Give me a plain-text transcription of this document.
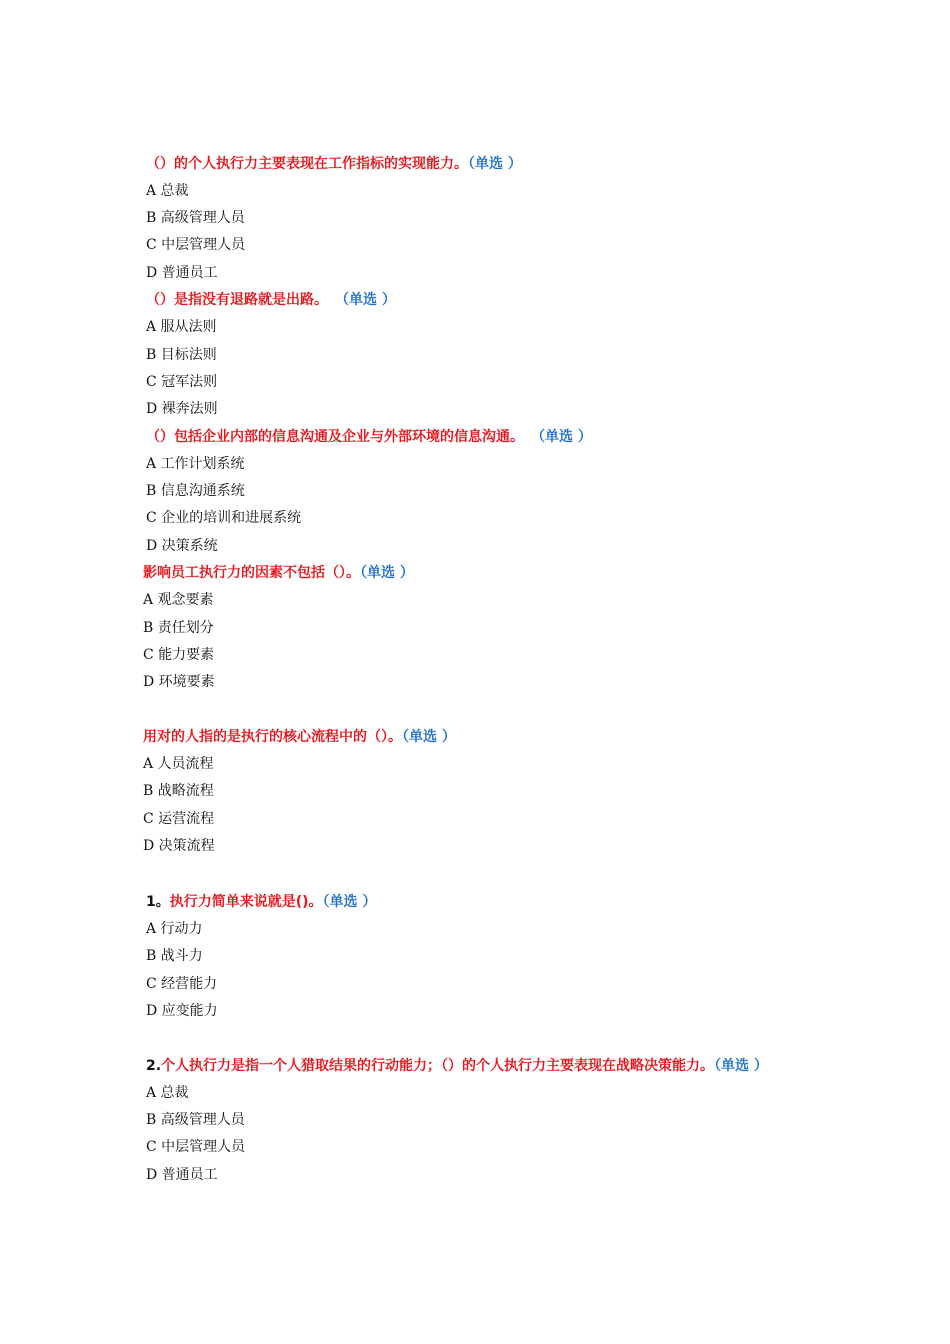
（）的个人执行力主要表现在工作指标的实现能力。（单选 ）
A 总裁
B 高级管理人员
C 中层管理人员
D 普通员工
（）是指没有退路就是出路。 （单选 ）
A 服从法则
B 目标法则
C 冠军法则
D 裸奔法则
（）包括企业内部的信息沟通及企业与外部环境的信息沟通。 （单选 ）
A 工作计划系统
B 信息沟通系统
C 企业的培训和进展系统
D 决策系统
影响员工执行力的因素不包括（）。（单选 ）
A 观念要素
B 责任划分
C 能力要素
D 环境要素
用对的人指的是执行的核心流程中的（）。（单选 ）
A 人员流程
B 战略流程
C 运营流程
D 决策流程
1。执行力简单来说就是()。（单选 ）
A 行动力
B 战斗力
C 经营能力
D 应变能力
2.个人执行力是指一个人猎取结果的行动能力；（）的个人执行力主要表现在战略决策能力。（单选 ）
A 总裁
B 高级管理人员
C 中层管理人员
D 普通员工
